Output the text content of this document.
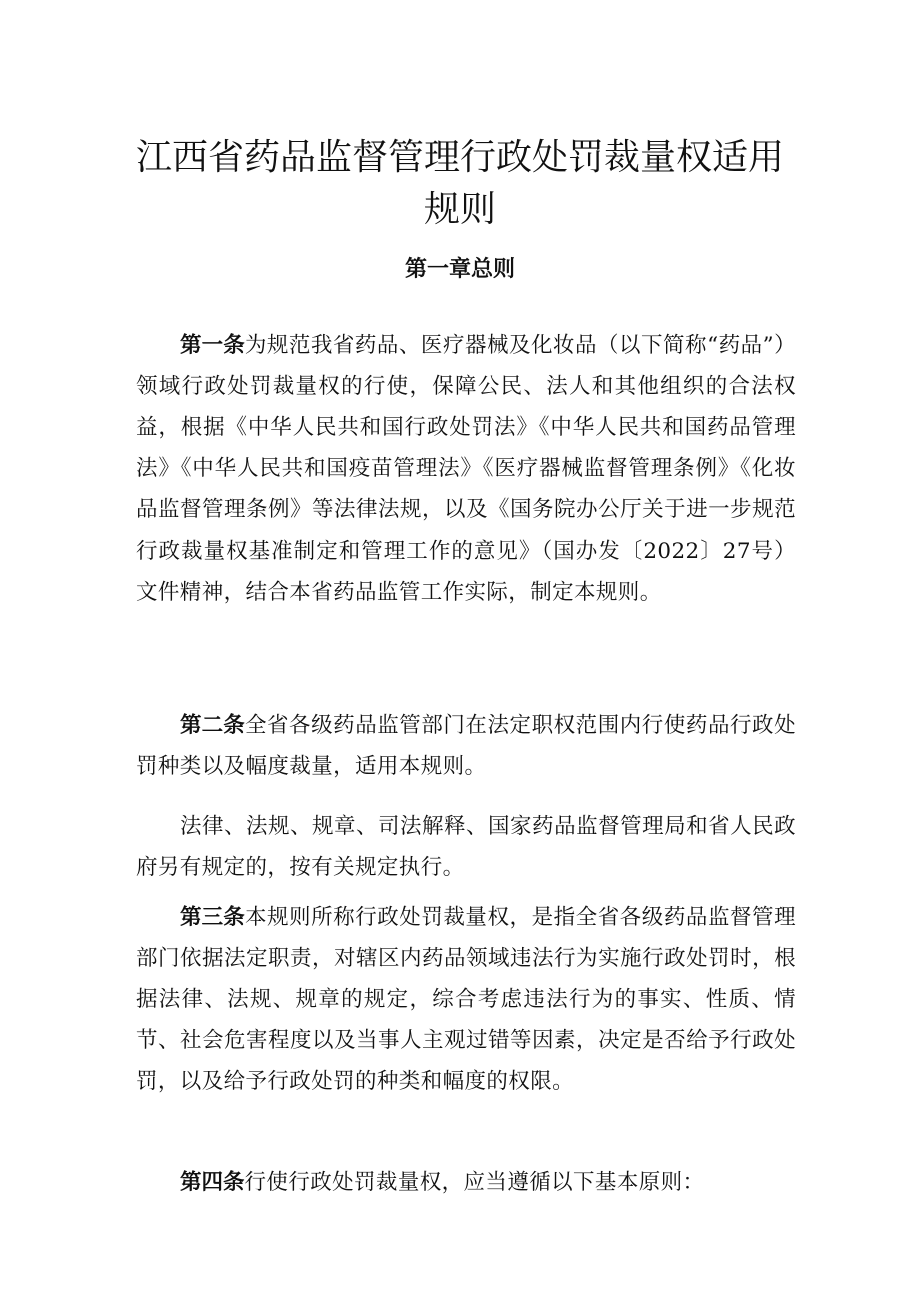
江西省药品监督管理行政处罚裁量权适用
规则
第一章总则

第一条为规范我省药品、医疗器械及化妆品（以下简称“药品”）领域行政处罚裁量权的行使，保障公民、法人和其他组织的合法权益，根据《中华人民共和国行政处罚法》《中华人民共和国药品管理法》《中华人民共和国疫苗管理法》《医疗器械监督管理条例》《化妆品监督管理条例》等法律法规，以及《国务院办公厅关于进一步规范行政裁量权基准制定和管理工作的意见》（国办发〔2022〕27号）文件精神，结合本省药品监管工作实际，制定本规则。

第二条全省各级药品监管部门在法定职权范围内行使药品行政处罚种类以及幅度裁量，适用本规则。

法律、法规、规章、司法解释、国家药品监督管理局和省人民政府另有规定的，按有关规定执行。

第三条本规则所称行政处罚裁量权，是指全省各级药品监督管理部门依据法定职责，对辖区内药品领域违法行为实施行政处罚时，根据法律、法规、规章的规定，综合考虑违法行为的事实、性质、情节、社会危害程度以及当事人主观过错等因素，决定是否给予行政处罚，以及给予行政处罚的种类和幅度的权限。

第四条行使行政处罚裁量权，应当遵循以下基本原则：
